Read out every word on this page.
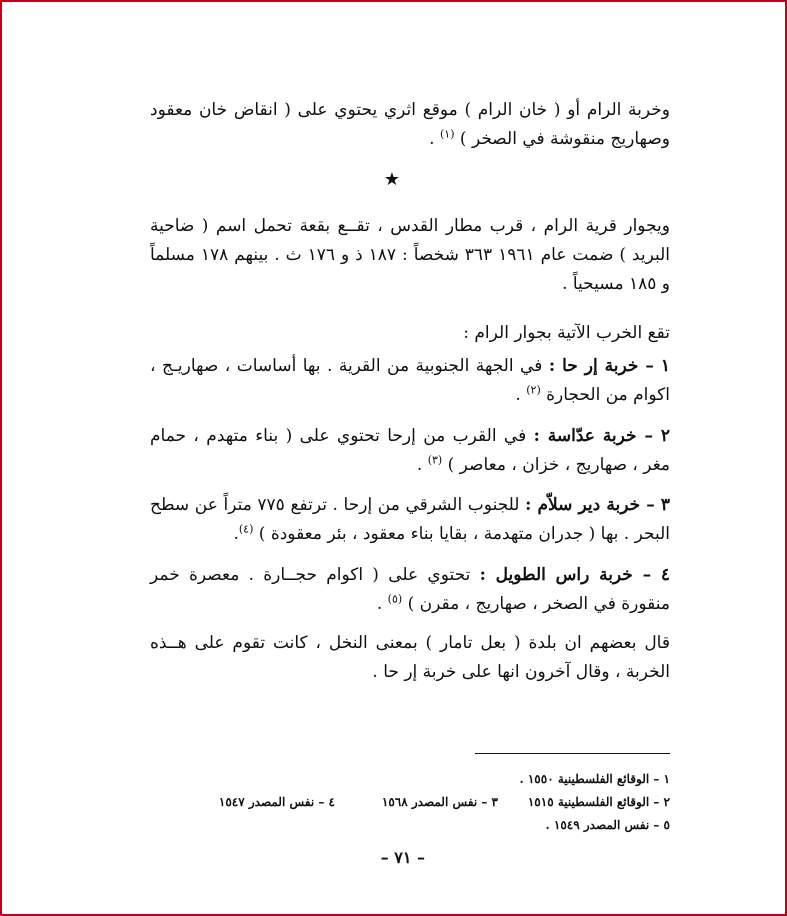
وخربة الرام أو ( خان الرام ) موقع اثري يحتوي على ( انقاض خان معقود وصهاريج منقوشة في الصخر ) $^{(١)}$ .

★

ويجوار قرية الرام ، قرب مطار القدس ، تقــع بقعة تحمل اسم ( ضاحية البريد ) ضمت عام ١٩٦١ ٣٦٣ شخصاً : ١٨٧ ذ و ١٧٦ ث . بينهم ١٧٨ مسلماً و ١٨٥ مسيحياً .

تقع الخرب الآتية بجوار الرام :

١ – خربة إر حا : في الجهة الجنوبية من القرية . بها أساسات ، صهاريـج ، اكوام من الحجارة $^{(٢)}$ .

٢ – خربة عدّاسة : في القرب من إرحا تحتوي على ( بناء متهدم ، حمام مغر ، صهاريج ، خزان ، معاصر ) $^{(٣)}$ .

٣ – خربة دير سلاّم : للجنوب الشرقي من إرحا . ترتفع ٧٧٥ متراً عن سطح البحر . بها ( جدران متهدمة ، بقايا بناء معقود ، بئر معقودة ) $^{(٤)}$.

٤ – خربة راس الطويل : تحتوي على ( اكوام حجــارة . معصرة خمر منقورة في الصخر ، صهاريج ، مقرن ) $^{(٥)}$ .

قال بعضهم ان بلدة ( بعل تامار ) بمعنى النخل ، كانت تقوم على هــذه الخربة ، وقال آخرون انها على خربة إر حا .

١ – الوقائع الفلسطينية ١٥٥٠ .
٢ – الوقائع الفلسطينية ١٥١٥
٣ – نفس المصدر ١٥٦٨
٤ – نفس المصدر ١٥٤٧
٥ – نفس المصدر ١٥٤٩ .
– ٧١ –
